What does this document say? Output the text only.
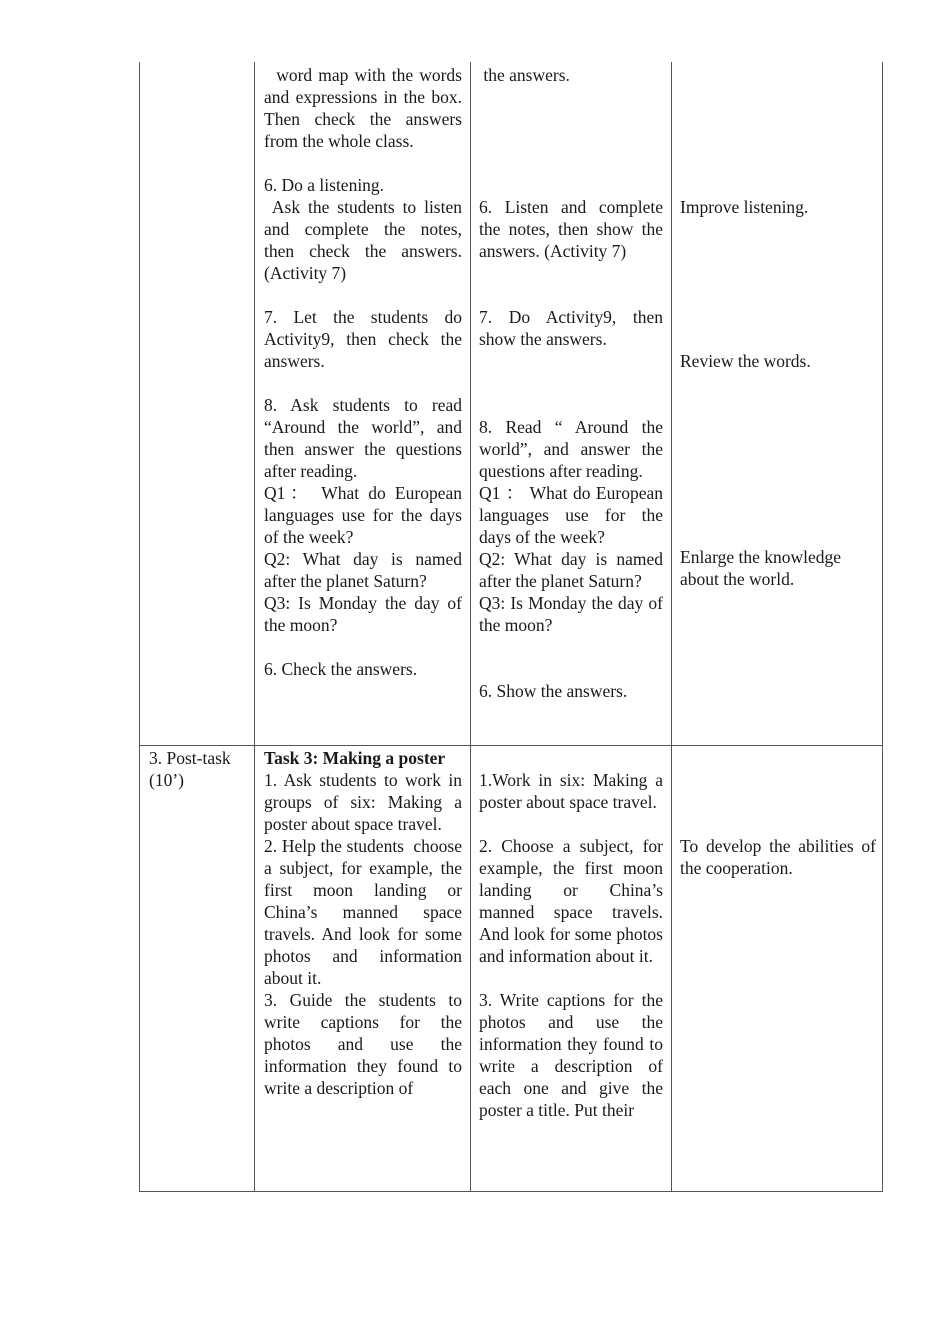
word map with the words and expressions in the box. Then check the answers from the whole class.

6. Do a listening.

Ask the students to listen and complete the notes, then check the answers. (Activity 7)

7. Let the students do Activity9, then check the answers.

8. Ask students to read “Around the world”, and then answer the questions after reading.

Q1： What do European languages use for the days of the week?

Q2: What day is named after the planet Saturn?

Q3: Is Monday the day of the moon?

6. Check the answers.

the answers.

6. Listen and complete the notes, then show the answers. (Activity 7)

7. Do Activity9, then show the answers.

8. Read “ Around the world”, and answer the questions after reading.

Q1 ： What do European languages use for the days of the week?

Q2: What day is named after the planet Saturn?

Q3: Is Monday the day of the moon?

6. Show the answers.

Improve listening.

Review the words.

Enlarge the knowledge about the world.

3. Post-task (10’)

Task 3: Making a poster

1. Ask students to work in groups of six: Making a poster about space travel.

2. Help the students  choose a subject, for example, the first moon landing or China’s manned space travels. And look for some photos and information about it.

3. Guide the students to write captions for the photos and use the information they found to write a description of

1.Work in six: Making a poster about space travel.

2. Choose a subject, for example, the first moon landing or China’s manned space travels. And look for some photos and information about it.

3. Write captions for the photos and use the information they found to write a description of each one and give the poster a title. Put their

To develop the abilities of the cooperation.
